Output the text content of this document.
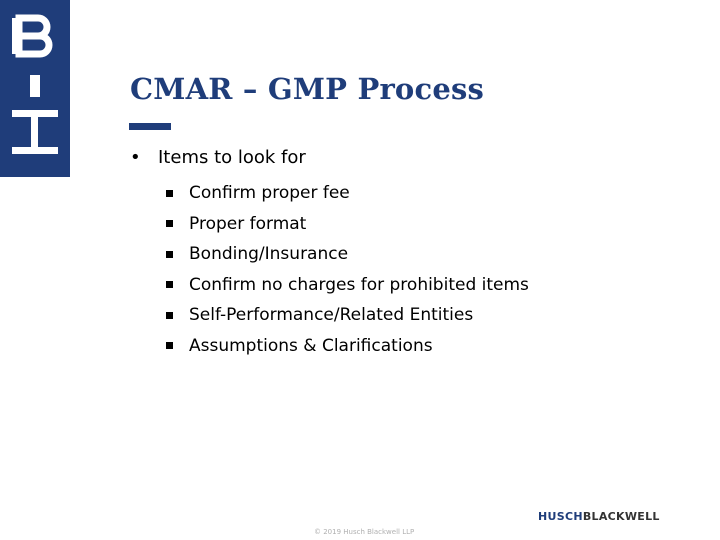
CMAR – GMP Process
• Items to look for
Confirm proper fee
Proper format
Bonding/Insurance
Confirm no charges for prohibited items
Self-Performance/Related Entities
Assumptions & Clarifications
HUSCHBLACKWELL
© 2019 Husch Blackwell LLP
